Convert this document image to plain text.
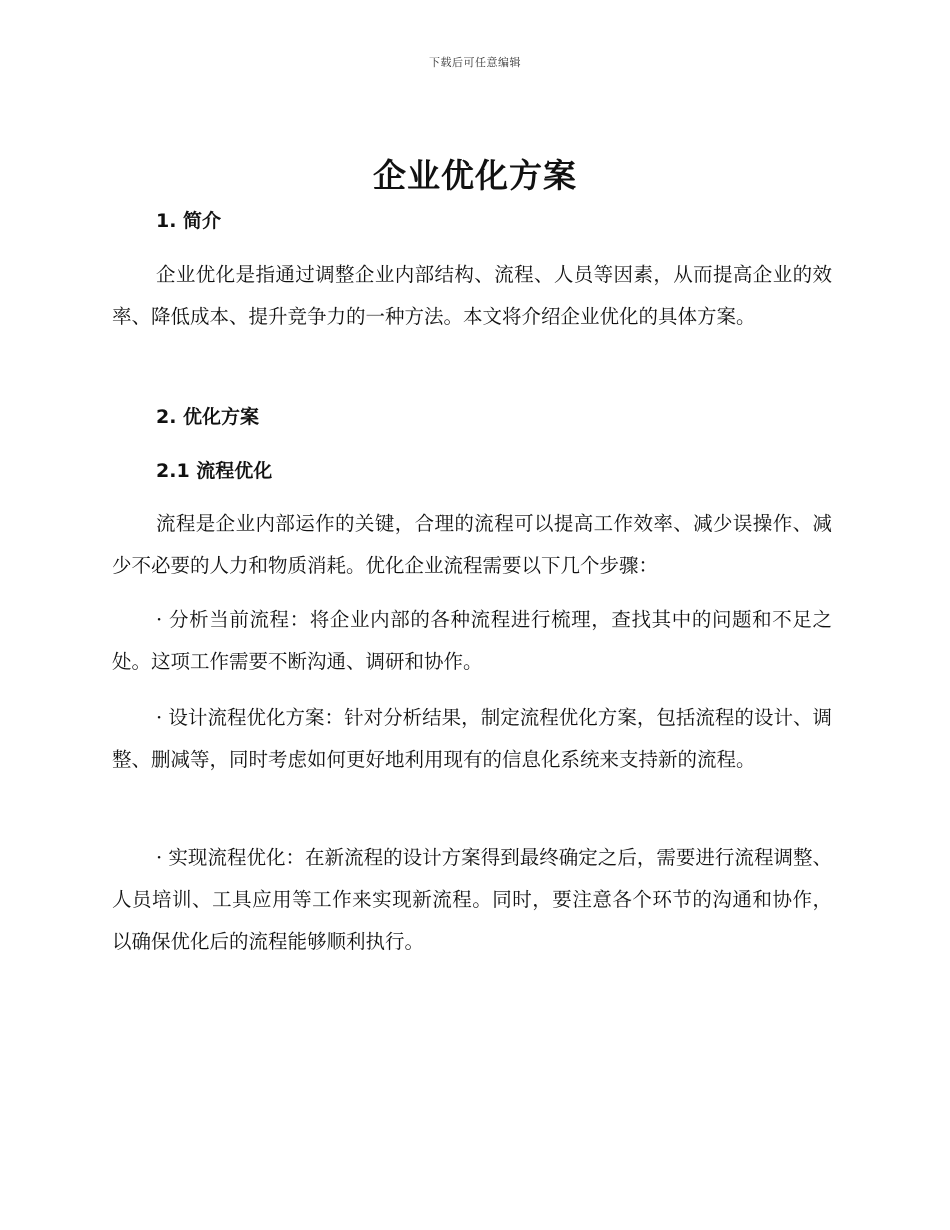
下载后可任意编辑
企业优化方案
1. 简介

企业优化是指通过调整企业内部结构、流程、人员等因素，从而提高企业的效率、降低成本、提升竞争力的一种方法。本文将介绍企业优化的具体方案。

2. 优化方案
2.1 流程优化

流程是企业内部运作的关键，合理的流程可以提高工作效率、减少误操作、减少不必要的人力和物质消耗。优化企业流程需要以下几个步骤：

· 分析当前流程：将企业内部的各种流程进行梳理，查找其中的问题和不足之处。这项工作需要不断沟通、调研和协作。

· 设计流程优化方案：针对分析结果，制定流程优化方案，包括流程的设计、调整、删减等，同时考虑如何更好地利用现有的信息化系统来支持新的流程。

· 实现流程优化：在新流程的设计方案得到最终确定之后，需要进行流程调整、人员培训、工具应用等工作来实现新流程。同时，要注意各个环节的沟通和协作，以确保优化后的流程能够顺利执行。
